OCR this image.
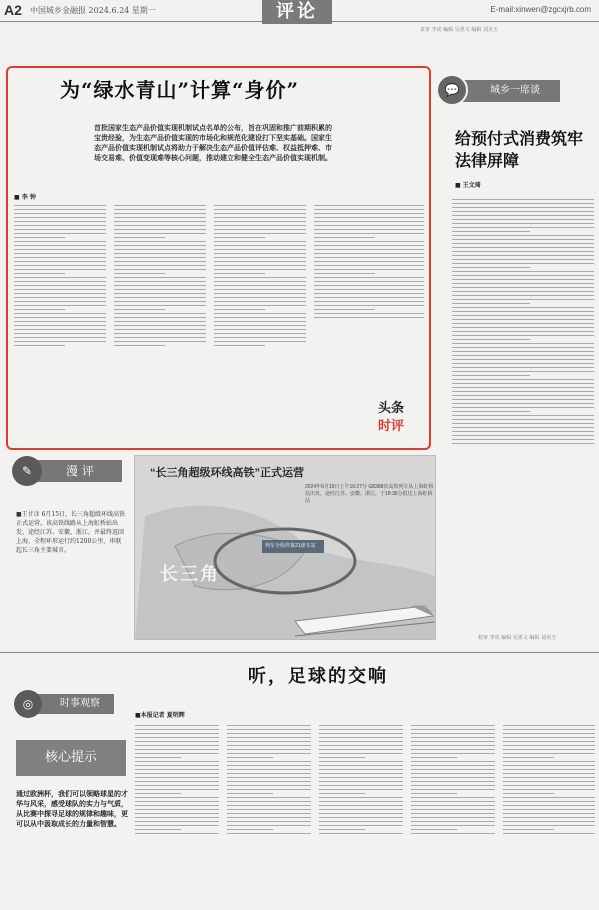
A2 中国城乡金融报 2024.6.24 星期一	评论	E-mail:xinwen@zgcxjrb.com
责审 李虎 编辑 吴墨文 编辑 刘美玉
为“绿水青山”计算“身价”
首批国家生态产品价值实现机制试点名单的公布，旨在巩固和推广前期积累的宝贵经验，为生态产品价值实现的市场化和规范化建设打下坚实基础。国家生态产品价值实现机制试点将助力于解决生态产品价值评估难、权益抵押难、市场交易难、价值变现难等核心问题，推动建立和健全生态产品价值实现机制。
■ 李 钟
头条
时评
城乡一席谈
💬
给预付式消费筑牢法律屏障
■ 王文琦
校审 李虎 编辑 吴墨文 编辑 刘美玉
漫 评
✎
■王甘彦 6月15日，长三角超级环线高铁正式运营。该高铁线路从上海虹桥站出发，途经江苏、安徽、浙江，并最终返回上海，全程环形运行约1200公里，串联起长三角主要城市。
“长三角超级环线高铁”正式运营
2024年6月15日上午10:27分 G8388次高铁列车从上海虹桥站出发，途经江苏、安徽、浙江，于18:36分抵达上海虹桥站
列车全程停靠21座车站
长三角
听，足球的交响
时事观察
◎
核心提示
通过欧洲杯，我们可以领略球星的才华与风采，感受球队的实力与气质，从比赛中探寻足球的规律和趣味，更可以从中汲取成长的力量和智慧。
■本报记者 夏明辉
